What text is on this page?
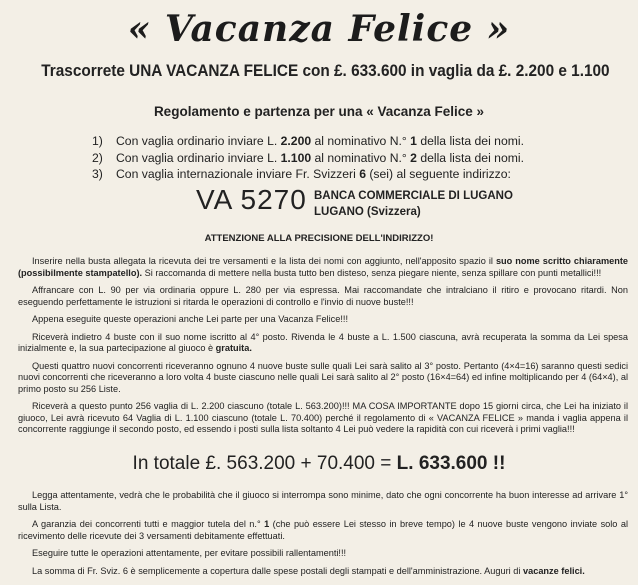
« Vacanza Felice »
Trascorrete UNA VACANZA FELICE con £. 633.600 in vaglia da £. 2.200 e 1.100
Regolamento e partenza per una « Vacanza Felice »
1) Con vaglia ordinario inviare L. 2.200 al nominativo N.° 1 della lista dei nomi.
2) Con vaglia ordinario inviare L. 1.100 al nominativo N.° 2 della lista dei nomi.
3) Con vaglia internazionale inviare Fr. Svizzeri 6 (sei) al seguente indirizzo:
VA 5270 BANCA COMMERCIALE DI LUGANO
LUGANO (Svizzera)
ATTENZIONE ALLA PRECISIONE DELL'INDIRIZZO!

Inserire nella busta allegata la ricevuta dei tre versamenti e la lista dei nomi con aggiunto, nell'apposito spazio il suo nome scritto chiaramente (possibilmente stampatello). Si raccomanda di mettere nella busta tutto ben disteso, senza piegare niente, senza spillare con punti metallici!!!

Affrancare con L. 90 per via ordinaria oppure L. 280 per via espressa. Mai raccomandate che intralciano il ritiro e provocano ritardi. Non eseguendo perfettamente le istruzioni si ritarda le operazioni di controllo e l'invio di nuove buste!!!

Appena eseguite queste operazioni anche Lei parte per una Vacanza Felice!!!

Riceverà indietro 4 buste con il suo nome iscritto al 4° posto. Rivenda le 4 buste a L. 1.500 ciascuna, avrà recuperata la somma da Lei spesa inizialmente e, la sua partecipazione al giuoco è gratuita.

Questi quattro nuovi concorrenti riceveranno ognuno 4 nuove buste sulle quali Lei sarà salito al 3° posto. Pertanto (4×4=16) saranno questi sedici nuovi concorrenti che riceveranno a loro volta 4 buste ciascuno nelle quali Lei sarà salito al 2° posto (16×4=64) ed infine moltiplicando per 4 (64×4), al primo posto su 256 Liste.

Riceverà a questo punto 256 vaglia di L. 2.200 ciascuno (totale L. 563.200)!!! MA COSA IMPORTANTE dopo 15 giorni circa, che Lei ha iniziato il giuoco, Lei avrà ricevuto 64 Vaglia di L. 1.100 ciascuno (totale L. 70.400) perché il regolamento di « VACANZA FELICE » manda i vaglia appena il concorrente raggiunge il secondo posto, ed essendo i posti sulla lista soltanto 4 Lei può vedere la rapidità con cui riceverà i primi vaglia!!!

In totale £. 563.200 + 70.400 = L. 633.600 !!

Legga attentamente, vedrà che le probabilità che il giuoco si interrompa sono minime, dato che ogni concorrente ha buon interesse ad arrivare 1° sulla Lista.

A garanzia dei concorrenti tutti e maggior tutela del n.° 1 (che può essere Lei stesso in breve tempo) le 4 nuove buste vengono inviate solo al ricevimento delle ricevute dei 3 versamenti debitamente effettuati.

Eseguire tutte le operazioni attentamente, per evitare possibili rallentamenti!!!

La somma di Fr. Sviz. 6 è semplicemente a copertura dalle spese postali degli stampati e dell'amministrazione. Auguri di vacanze felici.
